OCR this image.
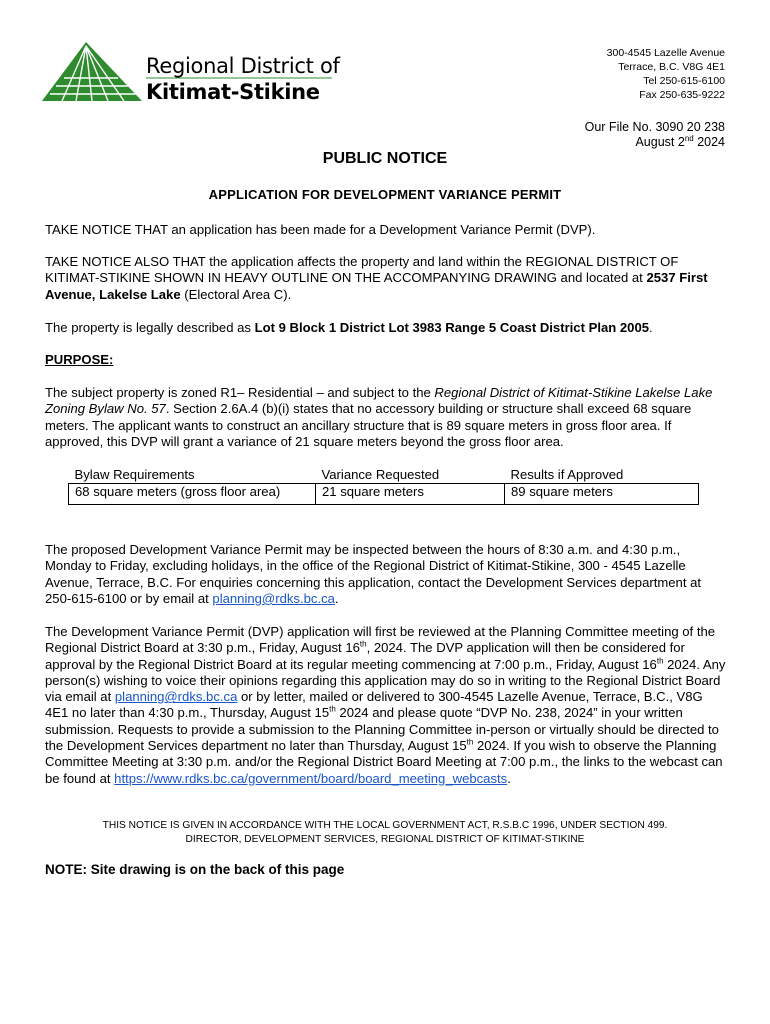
Regional District of
Kitimat-Stikine
300-4545 Lazelle Avenue
Terrace, B.C. V8G 4E1
Tel 250-615-6100
Fax 250-635-9222
Our File No. 3090 20 238
August 2nd 2024
PUBLIC NOTICE
APPLICATION FOR DEVELOPMENT VARIANCE PERMIT
TAKE NOTICE THAT an application has been made for a Development Variance Permit (DVP).
TAKE NOTICE ALSO THAT the application affects the property and land within the REGIONAL DISTRICT OF KITIMAT-STIKINE SHOWN IN HEAVY OUTLINE ON THE ACCOMPANYING DRAWING and located at 2537 First Avenue, Lakelse Lake (Electoral Area C).
The property is legally described as Lot 9 Block 1 District Lot 3983 Range 5 Coast District Plan 2005.
PURPOSE:
The subject property is zoned R1– Residential – and subject to the Regional District of Kitimat-Stikine Lakelse Lake Zoning Bylaw No. 57. Section 2.6A.4 (b)(i) states that no accessory building or structure shall exceed 68 square meters. The applicant wants to construct an ancillary structure that is 89 square meters in gross floor area. If approved, this DVP will grant a variance of 21 square meters beyond the gross floor area.
Bylaw Requirements	Variance Requested	Results if Approved
68 square meters (gross floor area)	21 square meters	89 square meters
The proposed Development Variance Permit may be inspected between the hours of 8:30 a.m. and 4:30 p.m., Monday to Friday, excluding holidays, in the office of the Regional District of Kitimat-Stikine, 300 - 4545 Lazelle Avenue, Terrace, B.C. For enquiries concerning this application, contact the Development Services department at 250-615-6100 or by email at planning@rdks.bc.ca.
The Development Variance Permit (DVP) application will first be reviewed at the Planning Committee meeting of the Regional District Board at 3:30 p.m., Friday, August 16th, 2024. The DVP application will then be considered for approval by the Regional District Board at its regular meeting commencing at 7:00 p.m., Friday, August 16th 2024. Any person(s) wishing to voice their opinions regarding this application may do so in writing to the Regional District Board via email at planning@rdks.bc.ca or by letter, mailed or delivered to 300-4545 Lazelle Avenue, Terrace, B.C., V8G 4E1 no later than 4:30 p.m., Thursday, August 15th 2024 and please quote “DVP No. 238, 2024” in your written submission. Requests to provide a submission to the Planning Committee in-person or virtually should be directed to the Development Services department no later than Thursday, August 15th 2024. If you wish to observe the Planning Committee Meeting at 3:30 p.m. and/or the Regional District Board Meeting at 7:00 p.m., the links to the webcast can be found at https://www.rdks.bc.ca/government/board/board_meeting_webcasts.
THIS NOTICE IS GIVEN IN ACCORDANCE WITH THE LOCAL GOVERNMENT ACT, R.S.B.C 1996, UNDER SECTION 499.
DIRECTOR, DEVELOPMENT SERVICES, REGIONAL DISTRICT OF KITIMAT-STIKINE
NOTE: Site drawing is on the back of this page
